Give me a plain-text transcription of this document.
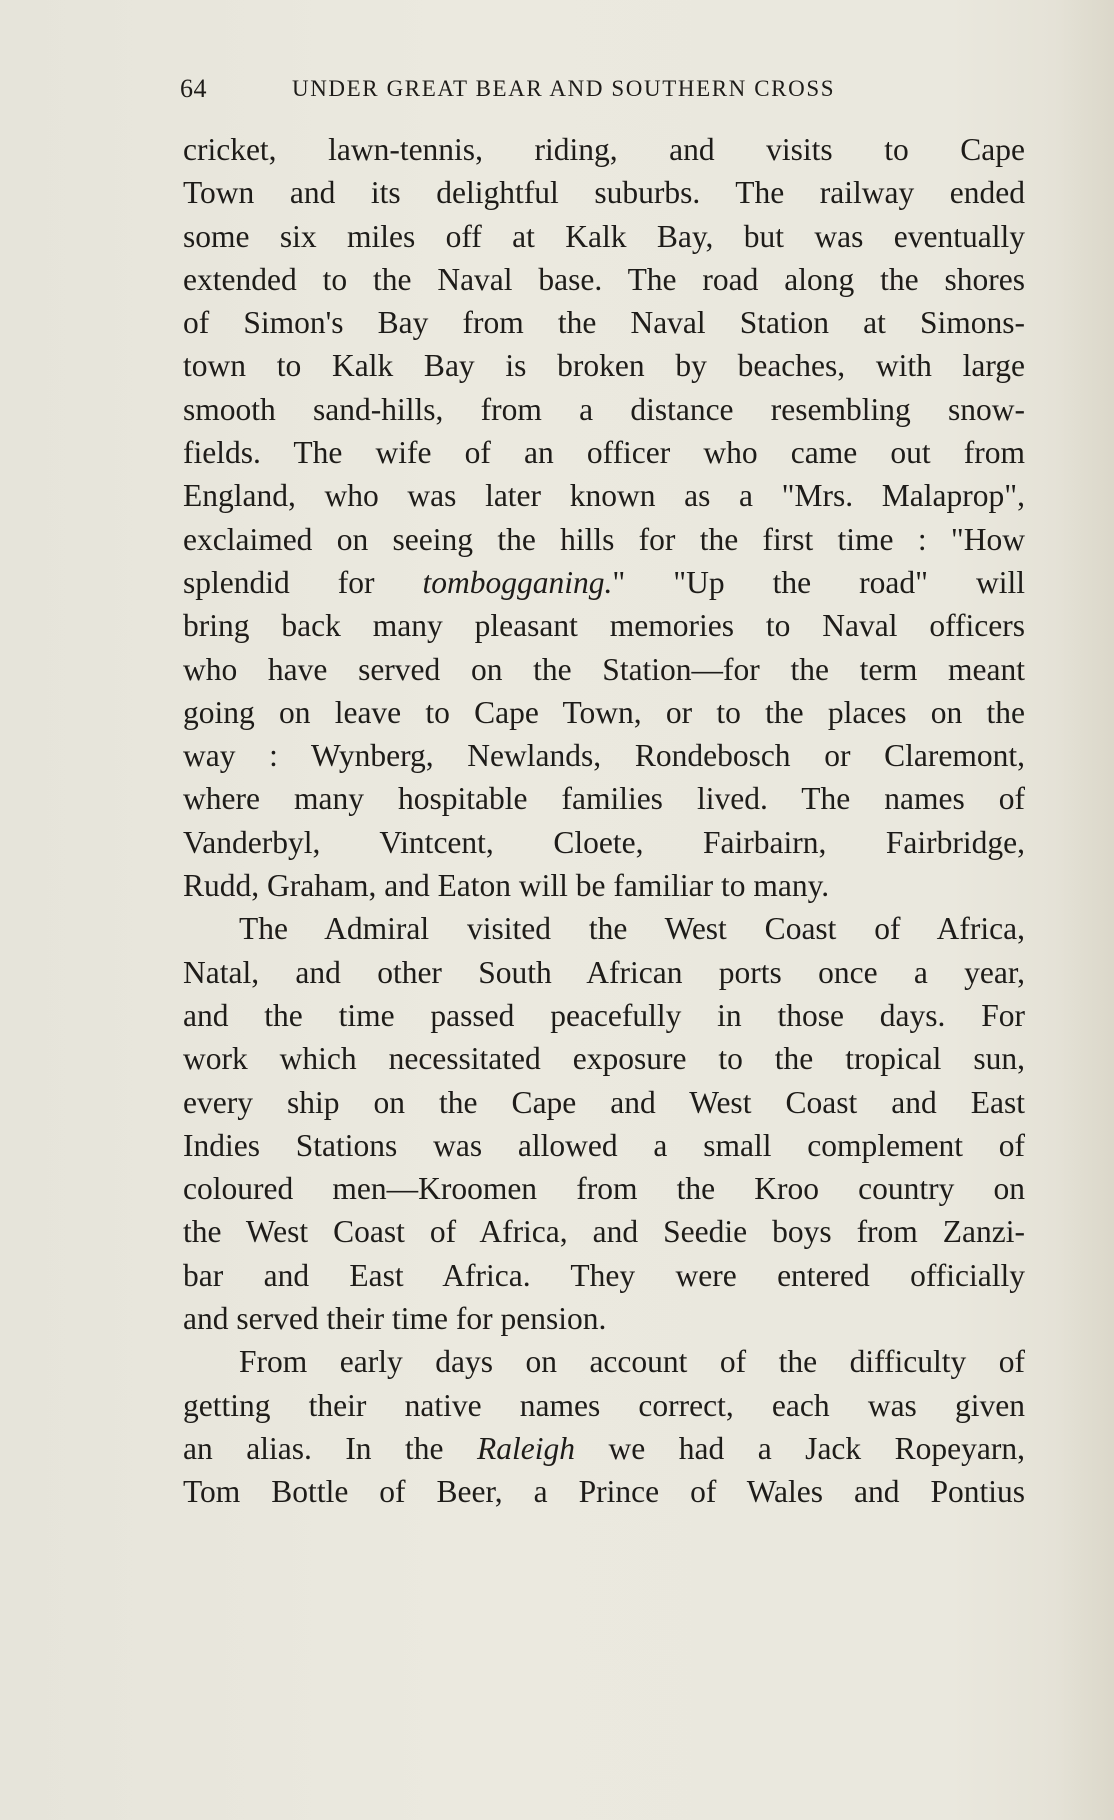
64	UNDER GREAT BEAR AND SOUTHERN CROSS
cricket, lawn-tennis, riding, and visits to Cape
Town and its delightful suburbs. The railway ended
some six miles off at Kalk Bay, but was eventually
extended to the Naval base. The road along the shores
of Simon's Bay from the Naval Station at Simons-
town to Kalk Bay is broken by beaches, with large
smooth sand-hills, from a distance resembling snow-
fields. The wife of an officer who came out from
England, who was later known as a "Mrs. Malaprop",
exclaimed on seeing the hills for the first time : "How
splendid for tombogganing." "Up the road" will
bring back many pleasant memories to Naval officers
who have served on the Station—for the term meant
going on leave to Cape Town, or to the places on the
way : Wynberg, Newlands, Rondebosch or Claremont,
where many hospitable families lived. The names of
Vanderbyl, Vintcent, Cloete, Fairbairn, Fairbridge,
Rudd, Graham, and Eaton will be familiar to many.
The Admiral visited the West Coast of Africa,
Natal, and other South African ports once a year,
and the time passed peacefully in those days. For
work which necessitated exposure to the tropical sun,
every ship on the Cape and West Coast and East
Indies Stations was allowed a small complement of
coloured men—Kroomen from the Kroo country on
the West Coast of Africa, and Seedie boys from Zanzi-
bar and East Africa. They were entered officially
and served their time for pension.
From early days on account of the difficulty of
getting their native names correct, each was given
an alias. In the Raleigh we had a Jack Ropeyarn,
Tom Bottle of Beer, a Prince of Wales and Pontius
